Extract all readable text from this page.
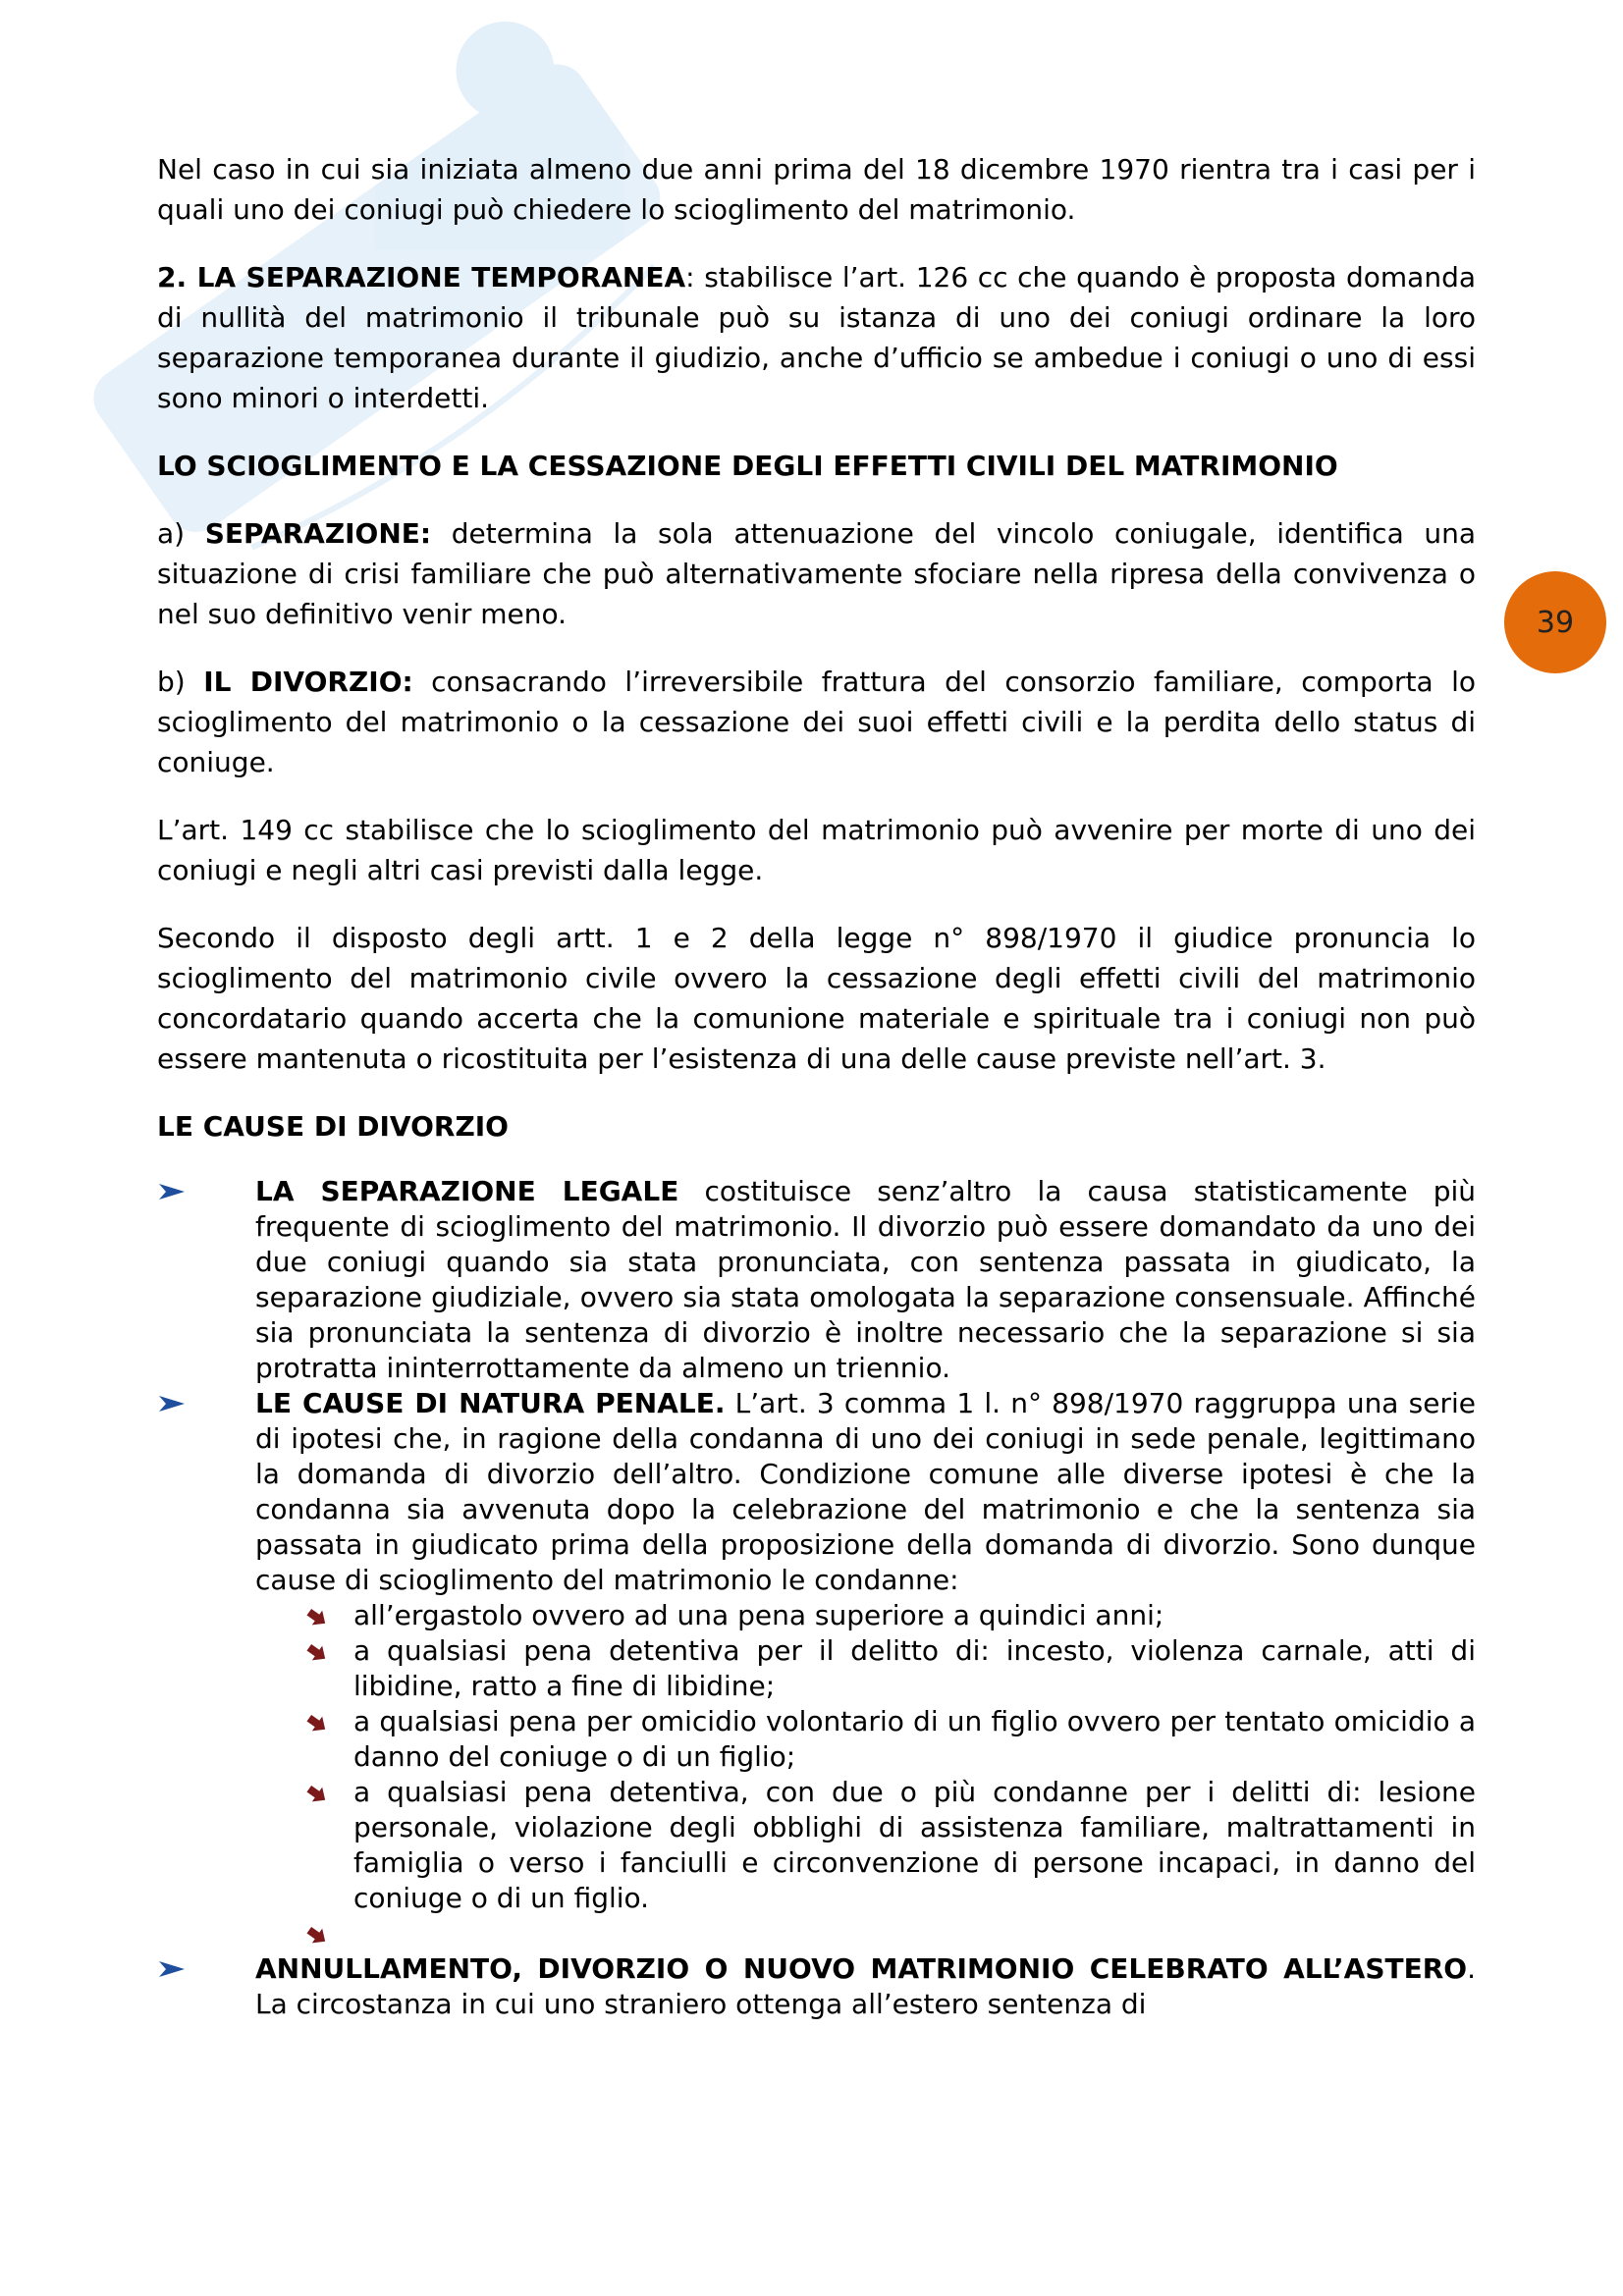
39

Nel caso in cui sia iniziata almeno due anni prima del 18 dicembre 1970 rientra tra i casi per i quali uno dei coniugi può chiedere lo scioglimento del matrimonio.

2. LA SEPARAZIONE TEMPORANEA: stabilisce l’art. 126 cc che quando è proposta domanda di nullità del matrimonio il tribunale può su istanza di uno dei coniugi ordinare la loro separazione temporanea durante il giudizio, anche d’ufficio se ambedue i coniugi o uno di essi sono minori o interdetti.

LO SCIOGLIMENTO E LA CESSAZIONE DEGLI EFFETTI CIVILI DEL MATRIMONIO

a) SEPARAZIONE: determina la sola attenuazione del vincolo coniugale, identifica una situazione di crisi familiare che può alternativamente sfociare nella ripresa della convivenza o nel suo definitivo venir meno.

b) IL DIVORZIO: consacrando l’irreversibile frattura del consorzio familiare, comporta lo scioglimento del matrimonio o la cessazione dei suoi effetti civili e la perdita dello status di coniuge.

L’art. 149 cc stabilisce che lo scioglimento del matrimonio può avvenire per morte di uno dei coniugi e negli altri casi previsti dalla legge.

Secondo il disposto degli artt. 1 e 2 della legge n° 898/1970 il giudice pronuncia lo scioglimento del matrimonio civile ovvero la cessazione degli effetti civili del matrimonio concordatario quando accerta che la comunione materiale e spirituale tra i coniugi non può essere mantenuta o ricostituita per l’esistenza di una delle cause previste nell’art. 3.

LE CAUSE DI DIVORZIO
LA SEPARAZIONE LEGALE costituisce senz’altro la causa statisticamente più frequente di scioglimento del matrimonio. Il divorzio può essere domandato da uno dei due coniugi quando sia stata pronunciata, con sentenza passata in giudicato, la separazione giudiziale, ovvero sia stata omologata la separazione consensuale. Affinché sia pronunciata la sentenza di divorzio è inoltre necessario che la separazione si sia protratta ininterrottamente da almeno un triennio.
LE CAUSE DI NATURA PENALE. L’art. 3 comma 1 l. n° 898/1970 raggruppa una serie di ipotesi che, in ragione della condanna di uno dei coniugi in sede penale, legittimano la domanda di divorzio dell’altro. Condizione comune alle diverse ipotesi è che la condanna sia avvenuta dopo la celebrazione del matrimonio e che la sentenza sia passata in giudicato prima della proposizione della domanda di divorzio. Sono dunque cause di scioglimento del matrimonio le condanne:
all’ergastolo ovvero ad una pena superiore a quindici anni;
a qualsiasi pena detentiva per il delitto di: incesto, violenza carnale, atti di libidine, ratto a fine di libidine;
a qualsiasi pena per omicidio volontario di un figlio ovvero per tentato omicidio a danno del coniuge o di un figlio;
a qualsiasi pena detentiva, con due o più condanne per i delitti di: lesione personale, violazione degli obblighi di assistenza familiare, maltrattamenti in famiglia o verso i fanciulli e circonvenzione di persone incapaci, in danno del coniuge o di un figlio.
ANNULLAMENTO, DIVORZIO O NUOVO MATRIMONIO CELEBRATO ALL’ASTERO. La circostanza in cui uno straniero ottenga all’estero sentenza di
